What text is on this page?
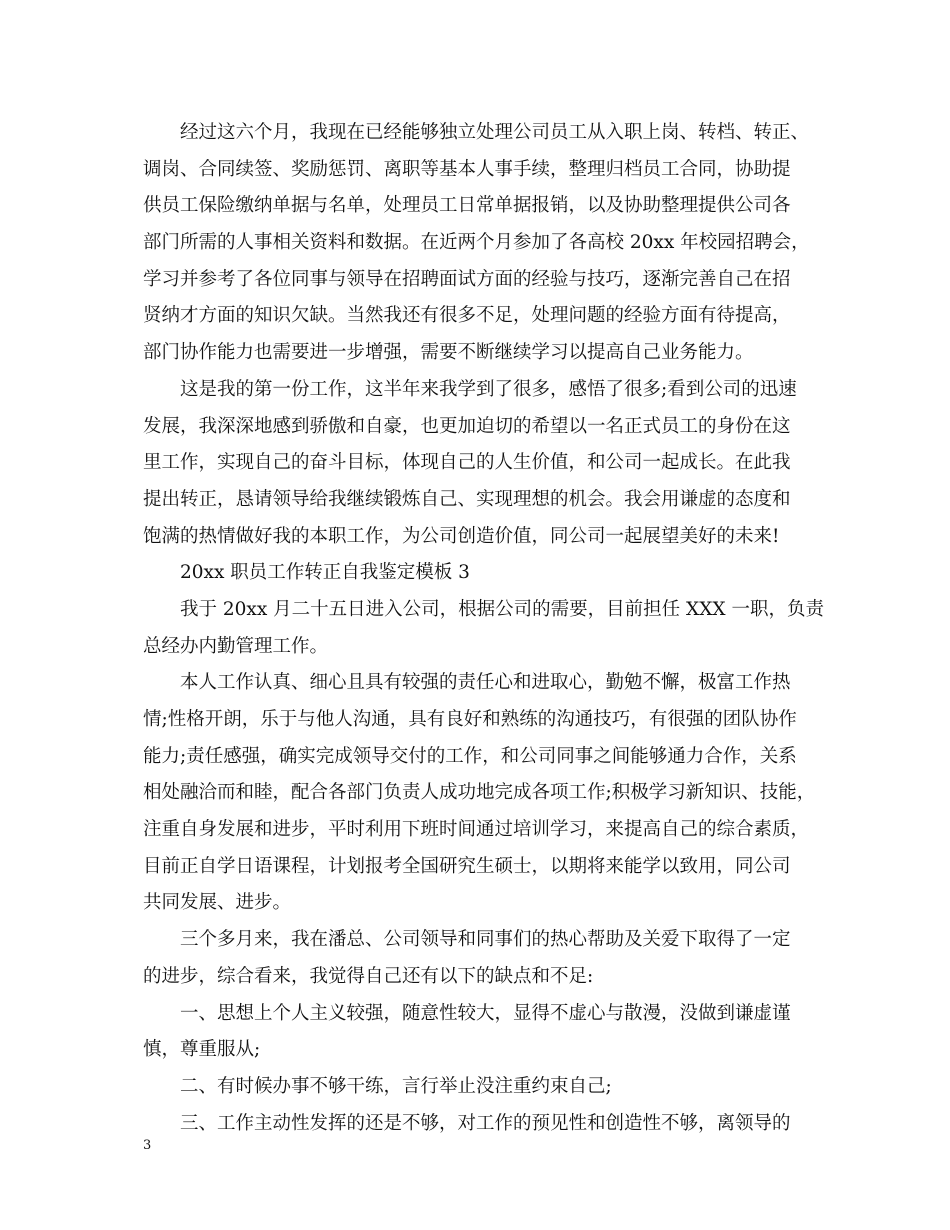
经过这六个月，我现在已经能够独立处理公司员工从入职上岗、转档、转正、
调岗、合同续签、奖励惩罚、离职等基本人事手续，整理归档员工合同，协助提
供员工保险缴纳单据与名单，处理员工日常单据报销，以及协助整理提供公司各
部门所需的人事相关资料和数据。在近两个月参加了各高校 20xx 年校园招聘会，
学习并参考了各位同事与领导在招聘面试方面的经验与技巧，逐渐完善自己在招
贤纳才方面的知识欠缺。当然我还有很多不足，处理问题的经验方面有待提高，
部门协作能力也需要进一步增强，需要不断继续学习以提高自己业务能力。
这是我的第一份工作，这半年来我学到了很多，感悟了很多;看到公司的迅速
发展，我深深地感到骄傲和自豪，也更加迫切的希望以一名正式员工的身份在这
里工作，实现自己的奋斗目标，体现自己的人生价值，和公司一起成长。在此我
提出转正，恳请领导给我继续锻炼自己、实现理想的机会。我会用谦虚的态度和
饱满的热情做好我的本职工作，为公司创造价值，同公司一起展望美好的未来!
20xx 职员工作转正自我鉴定模板 3
我于 20xx 月二十五日进入公司，根据公司的需要，目前担任 XXX 一职，负责
总经办内勤管理工作。
本人工作认真、细心且具有较强的责任心和进取心，勤勉不懈，极富工作热
情;性格开朗，乐于与他人沟通，具有良好和熟练的沟通技巧，有很强的团队协作
能力;责任感强，确实完成领导交付的工作，和公司同事之间能够通力合作，关系
相处融洽而和睦，配合各部门负责人成功地完成各项工作;积极学习新知识、技能，
注重自身发展和进步，平时利用下班时间通过培训学习，来提高自己的综合素质，
目前正自学日语课程，计划报考全国研究生硕士，以期将来能学以致用，同公司
共同发展、进步。
三个多月来，我在潘总、公司领导和同事们的热心帮助及关爱下取得了一定
的进步，综合看来，我觉得自己还有以下的缺点和不足:
一、思想上个人主义较强，随意性较大，显得不虚心与散漫，没做到谦虚谨
慎，尊重服从;
二、有时候办事不够干练，言行举止没注重约束自己;
三、工作主动性发挥的还是不够，对工作的预见性和创造性不够，离领导的
3
